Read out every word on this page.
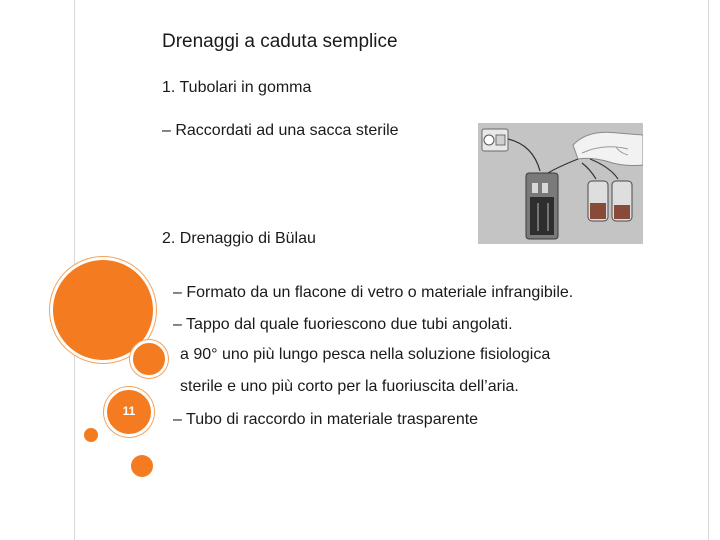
11
Drenaggi a caduta semplice
1. Tubolari in gomma
– Raccordati ad una sacca sterile
2. Drenaggio di Bülau
– Formato da un flacone di vetro o materiale infrangibile.
– Tappo dal quale fuoriescono due tubi angolati.
a 90° uno più lungo pesca nella soluzione fisiologica
sterile e uno più corto per la fuoriuscita dell’aria.
– Tubo di raccordo in materiale trasparente
